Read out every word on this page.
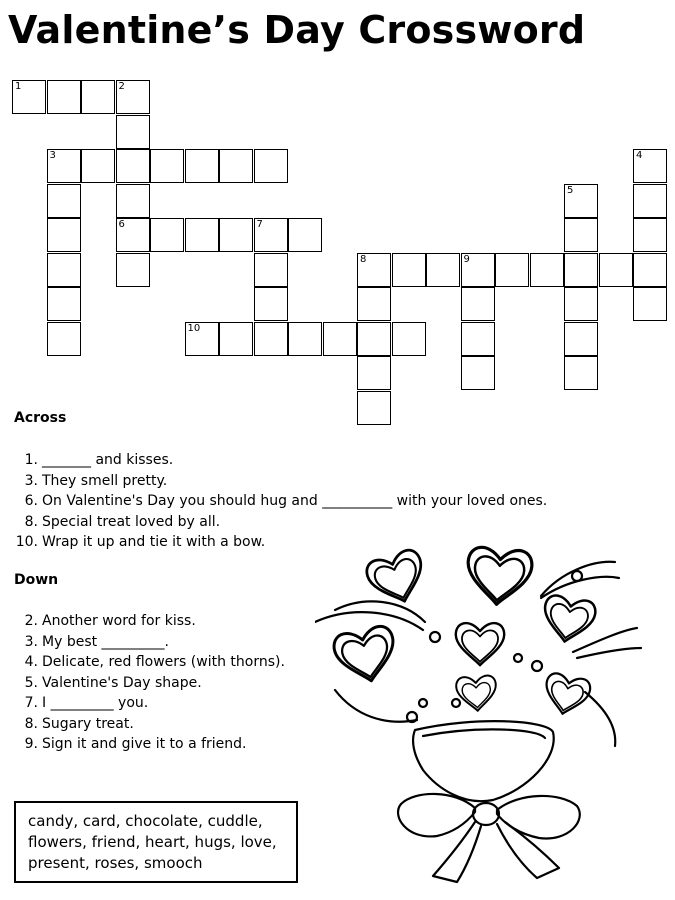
Valentine’s Day Crossword
1	2
6
3	4
5
7
8	9
10
Across
1. _______ and kisses.
3. They smell pretty.
6. On Valentine's Day you should hug and __________ with your loved ones.
8. Special treat loved by all.
10. Wrap it up and tie it with a bow.
Down
2. Another word for kiss.
3. My best _________.
4. Delicate, red flowers (with thorns).
5. Valentine's Day shape.
7. I _________ you.
8. Sugary treat.
9. Sign it and give it to a friend.
candy, card, chocolate, cuddle,
flowers, friend, heart, hugs, love,
present, roses, smooch
